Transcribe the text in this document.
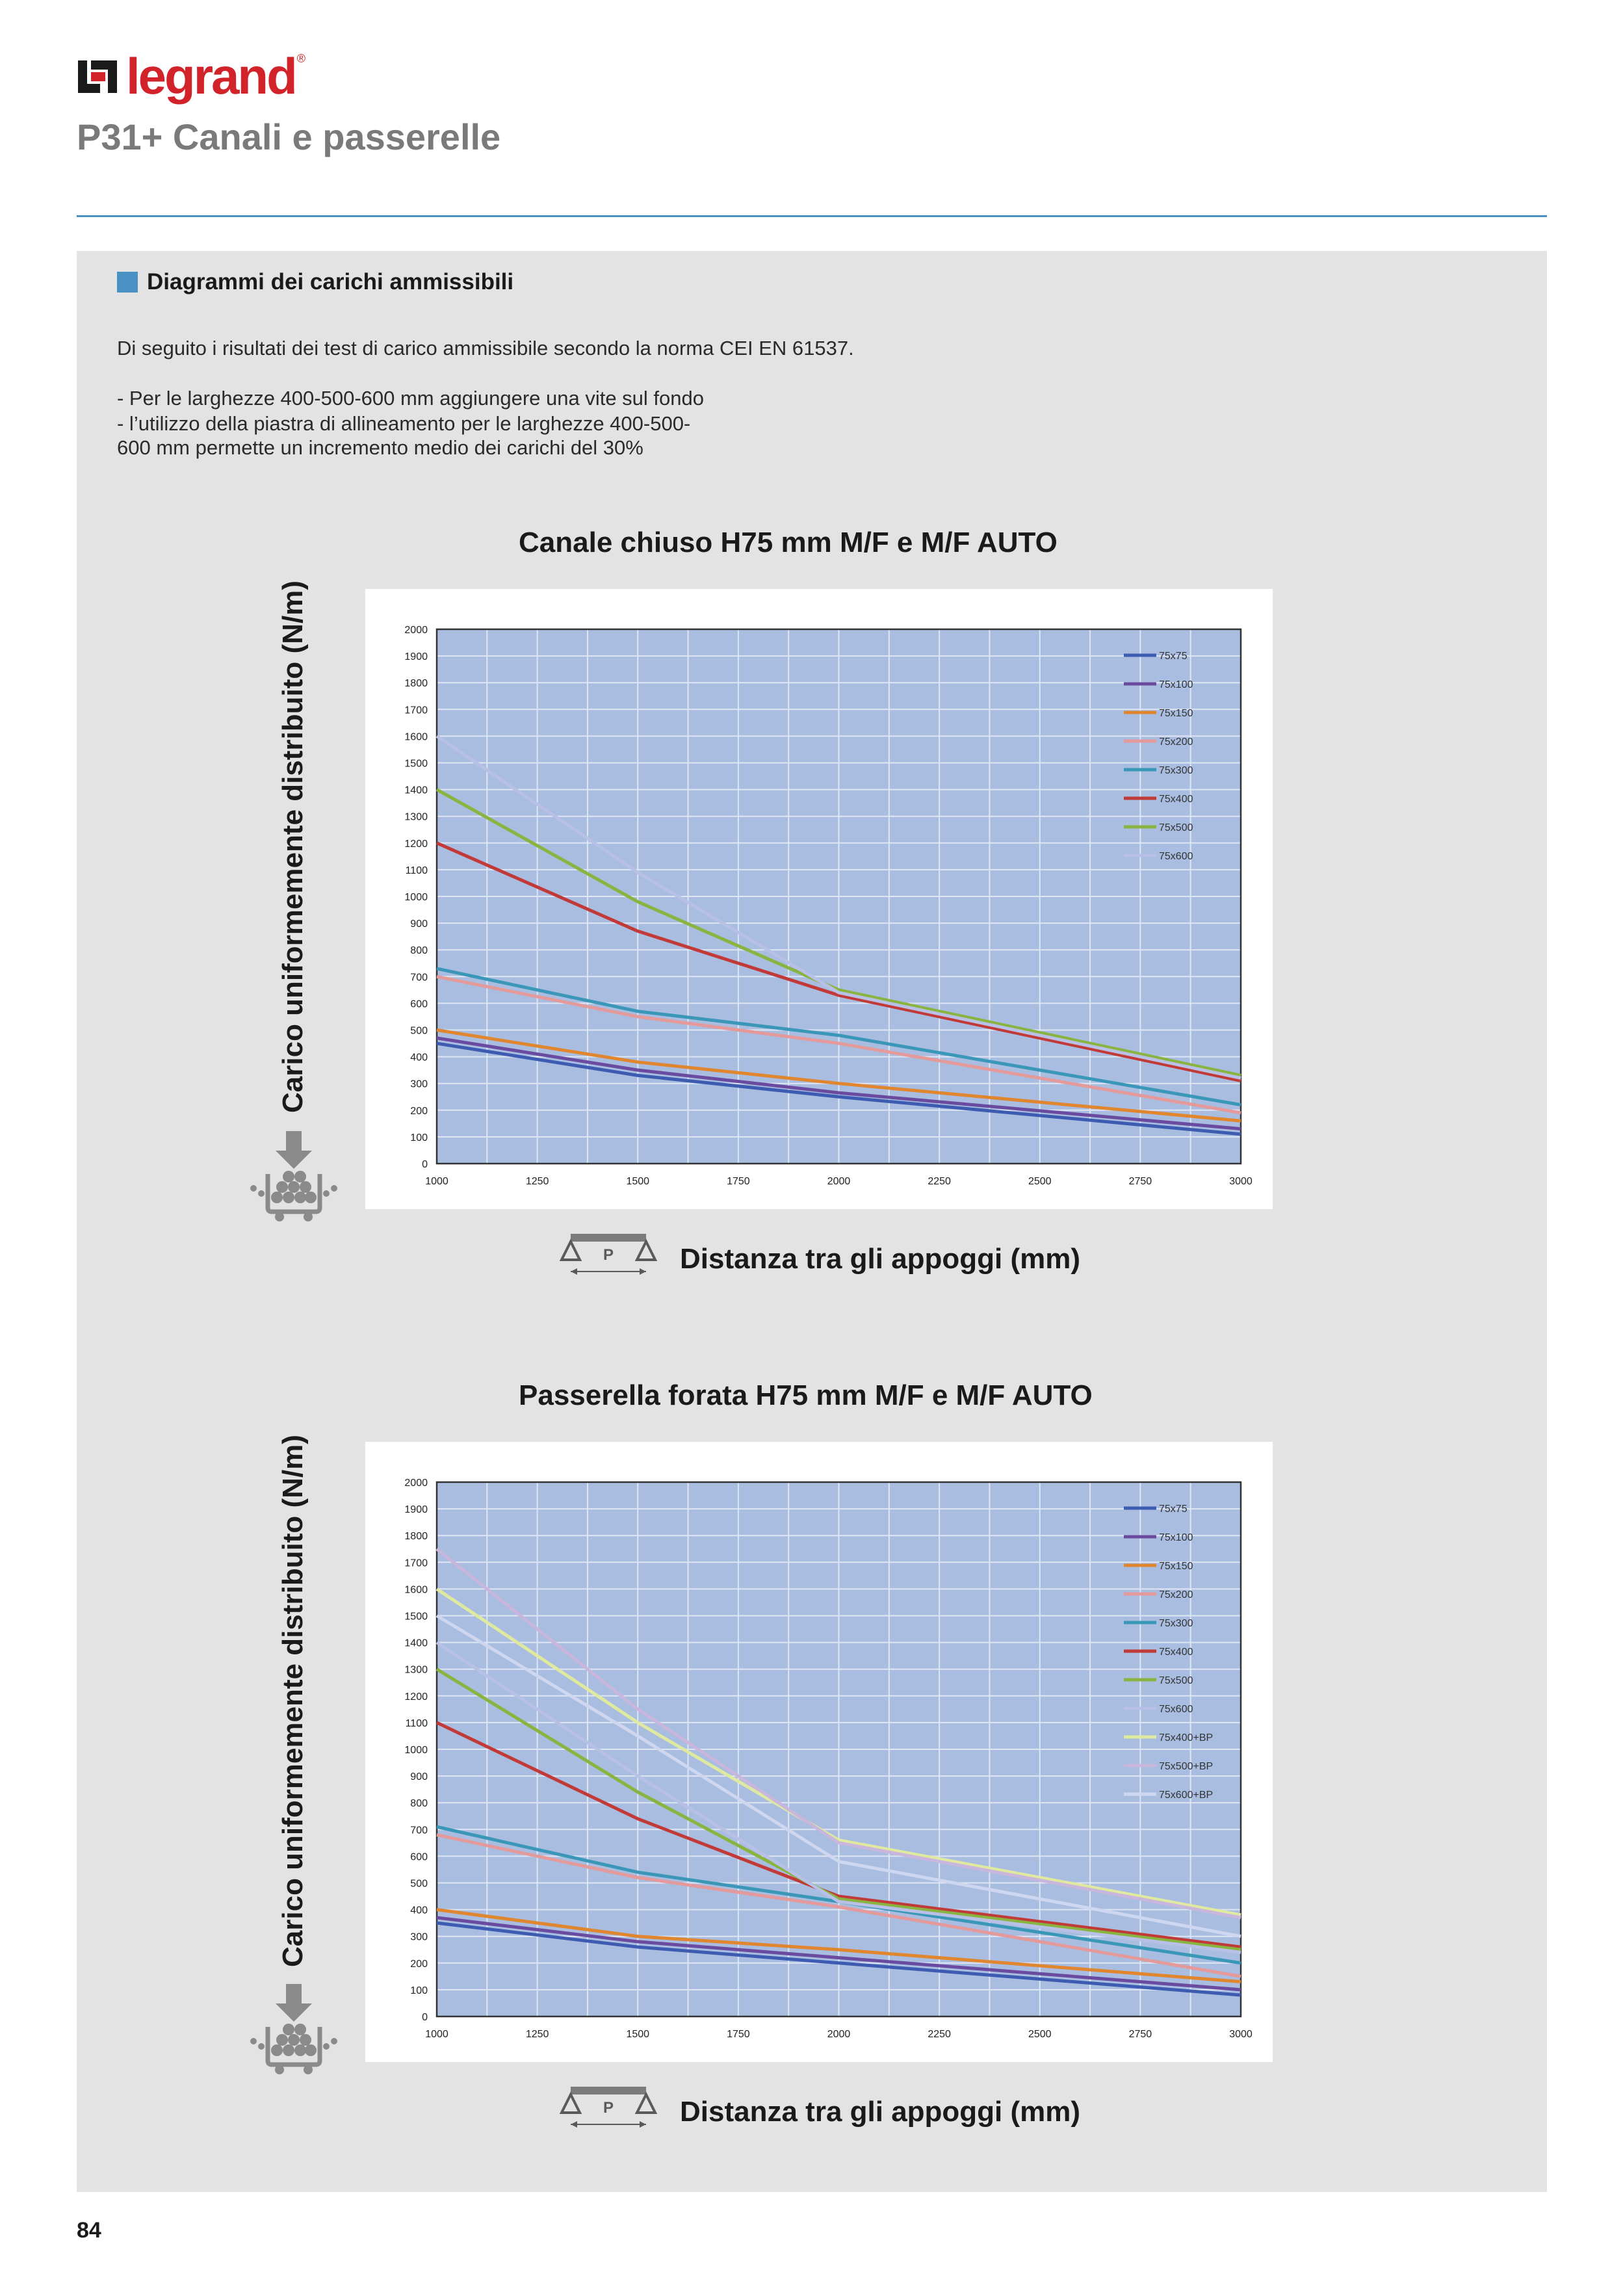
legrand ®
P31+ Canali e passerelle
Diagrammi dei carichi ammissibili
Di seguito i risultati dei test di carico ammissibile secondo la norma CEI EN 61537.
- Per le larghezze 400-500-600 mm aggiungere una vite sul fondo
- l’utilizzo della piastra di allineamento per le larghezze 400-500-
600 mm permette un incremento medio dei carichi del 30%
Canale chiuso H75 mm M/F e M/F AUTO
Carico uniformemente distribuito (N/m)
0
100
200
300
400
500
600
700
800
900
1000
1100
1200
1300
1400
1500
1600
1700
1800
1900
2000
1000	1250	1500	1750	2000	2250	2500	2750	3000
75x75
75x100
75x150
75x200
75x300
75x400
75x500
75x600
P Distanza tra gli appoggi (mm)
Passerella forata H75 mm M/F e M/F AUTO
Carico uniformemente distribuito (N/m)
0
100
200
300
400
500
600
700
800
900
1000
1100
1200
1300
1400
1500
1600
1700
1800
1900
2000
1000	1250	1500	1750	2000	2250	2500	2750	3000
75x75
75x100
75x150
75x200
75x300
75x400
75x500
75x600
75x400+BP
75x500+BP
75x600+BP
P Distanza tra gli appoggi (mm)
84
